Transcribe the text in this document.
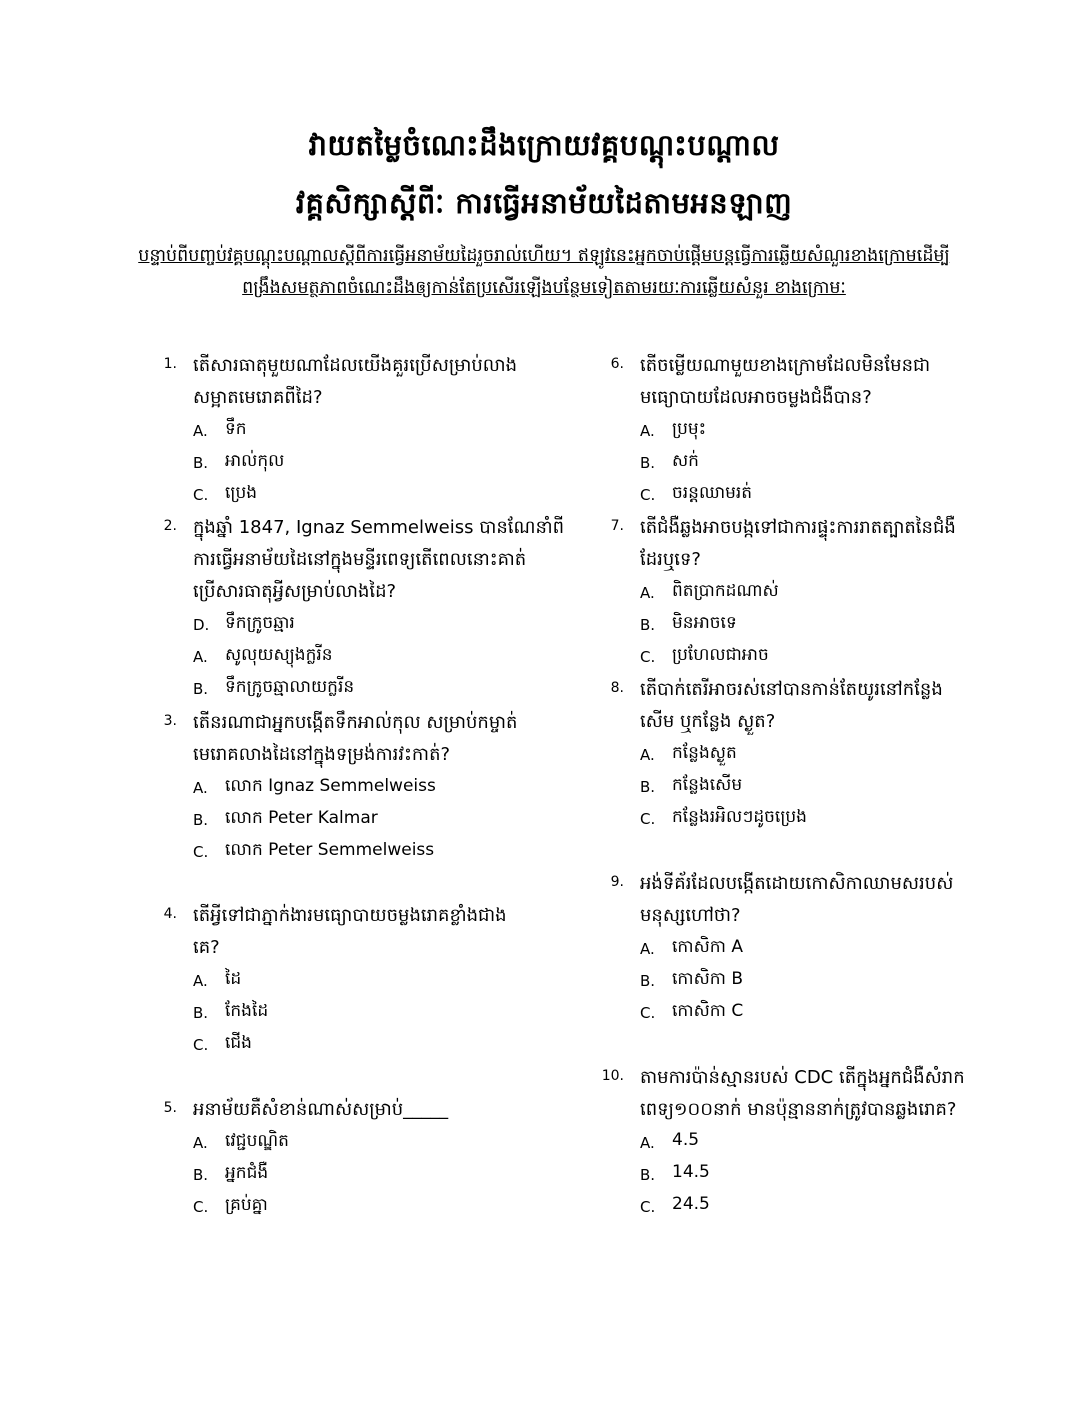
វាយតម្លៃចំណេះដឹងក្រោយវគ្គបណ្តុះបណ្តាល
វគ្គសិក្សាស្តីពីៈ ការធ្វើអនាម័យដៃតាមអនឡាញ
បន្ទាប់ពីបញ្ចប់វគ្គបណ្តុះបណ្តាលស្តីពីការធ្វើអនាម័យដៃរួចរាល់ហើយ។ ឥឡូវនេះអ្នកចាប់ផ្តើមបន្តធ្វើការឆ្លើយសំណួរខាងក្រោមដើម្បី
ពង្រឹងសមត្ថភាពចំណេះដឹងឲ្យកាន់តែប្រសើរឡើងបន្ថែមទៀតតាមរយៈការឆ្លើយសំនួរ ខាងក្រោមៈ
1. តើសារធាតុមួយណាដែលយើងគួរប្រើសម្រាប់លាង
សម្អាតមេរោគពីដៃ?
A. ទឹក
B. អាល់កុល
C. ប្រេង
2. ក្នុងឆ្នាំ 1847, Ignaz Semmelweiss បានណែនាំពី
ការធ្វើអនាម័យដៃនៅក្នុងមន្ទីរពេទ្យតើពេលនោះគាត់
ប្រើសារធាតុអ្វីសម្រាប់លាងដៃ?
D. ទឹកក្រូចឆ្មារ
A. សូលុយស្យុងក្លរីន
B. ទឹកក្រូចឆ្មាលាយក្លរីន
3. តើនរណាជាអ្នកបង្កើតទឹកអាល់កុល សម្រាប់កម្ចាត់
មេរោគលាងដៃនៅក្នុងទម្រង់ការវះកាត់?
A. លោក Ignaz Semmelweiss
B. លោក Peter Kalmar
C. លោក Peter Semmelweiss
4. តើអ្វីទៅជាភ្នាក់ងារមធ្យោបាយចម្លងរោគខ្លាំងជាង
គេ?
A. ដៃ
B. កែងដៃ
C. ជើង
5. អនាម័យគឺសំខាន់ណាស់សម្រាប់_____
A. វេជ្ជបណ្ឌិត
B. អ្នកជំងឺ
C. គ្រប់គ្នា
6. តើចម្លើយណាមួយខាងក្រោមដែលមិនមែនជា
មធ្យោបាយដែលអាចចម្លងជំងឺបាន?
A. ប្រមុះ
B. សក់
C. ចរន្តឈាមរត់
7. តើជំងឺឆ្លងអាចបង្កទៅជាការផ្ទុះការរាតត្បាតនៃជំងឺ
ដែរឬទេ?
A. ពិតប្រាកដណាស់
B. មិនអាចទេ
C. ប្រហែលជាអាច
8. តើបាក់តេរីអាចរស់នៅបានកាន់តែយូរនៅកន្លែង
សើម ឬកន្លែង ស្ងួត?
A. កន្លែងស្ងួត
B. កន្លែងសើម
C. កន្លែងរអិលៗដូចប្រេង
9. អង់ទីគ័រដែលបង្កើតដោយកោសិកាឈាមសរបស់
មនុស្សហៅថា?
A. កោសិកា A
B. កោសិកា B
C. កោសិកា C
10. តាមការប៉ាន់ស្មានរបស់ CDC តើក្នុងអ្នកជំងឺសំរាក
ពេទ្យ១០០នាក់ មានប៉ុន្មាននាក់ត្រូវបានឆ្លងរោគ?
A. 4.5
B. 14.5
C. 24.5
